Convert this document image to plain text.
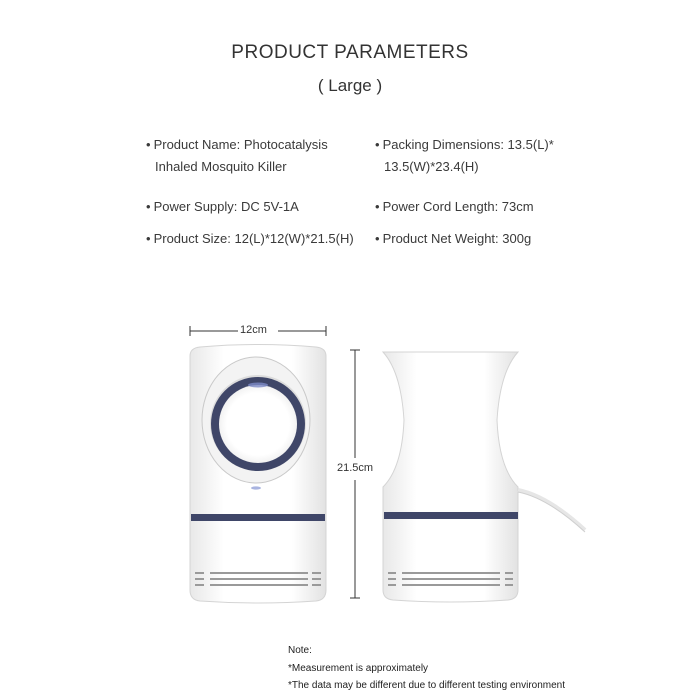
PRODUCT PARAMETERS
( Large )
• Product Name: Photocatalysis
Inhaled Mosquito Killer
• Packing Dimensions: 13.5(L)*
13.5(W)*23.4(H)
• Power Supply: DC 5V-1A	• Power Cord Length: 73cm
• Product Size: 12(L)*12(W)*21.5(H) • Product Net Weight: 300g
12cm
21.5cm
Note:
*Measurement is approximately
*The data may be different due to different testing environment
